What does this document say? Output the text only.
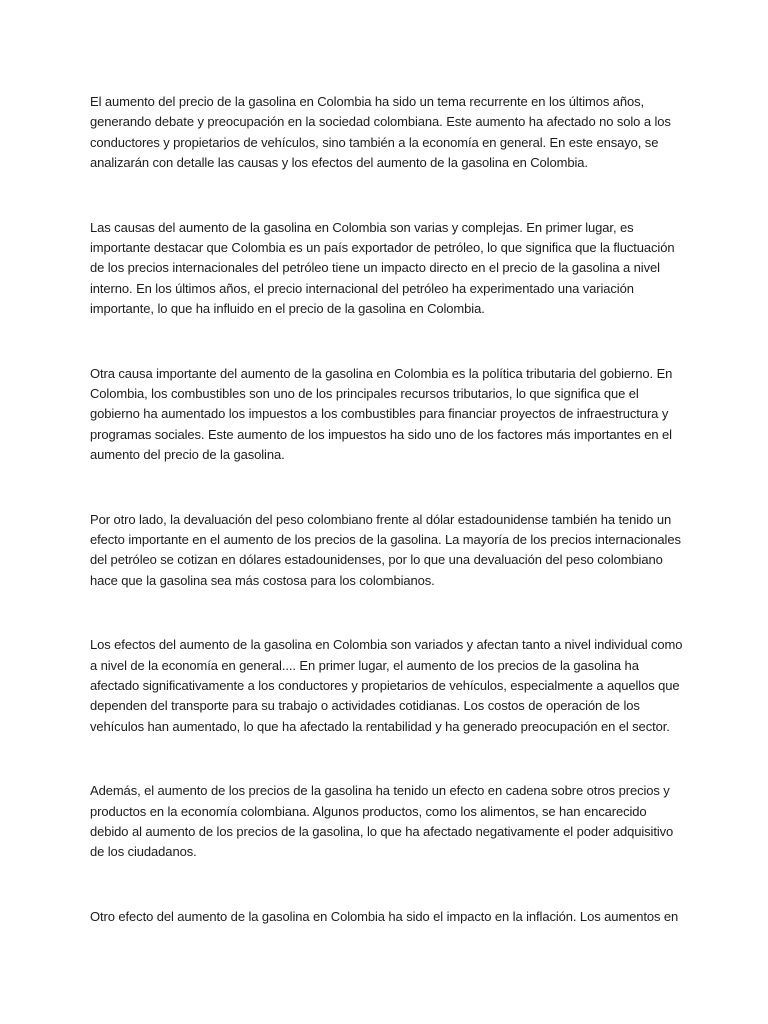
El aumento del precio de la gasolina en Colombia ha sido un tema recurrente en los últimos años, generando debate y preocupación en la sociedad colombiana. Este aumento ha afectado no solo a los conductores y propietarios de vehículos, sino también a la economía en general. En este ensayo, se analizarán con detalle las causas y los efectos del aumento de la gasolina en Colombia.

Las causas del aumento de la gasolina en Colombia son varias y complejas. En primer lugar, es importante destacar que Colombia es un país exportador de petróleo, lo que significa que la fluctuación de los precios internacionales del petróleo tiene un impacto directo en el precio de la gasolina a nivel interno. En los últimos años, el precio internacional del petróleo ha experimentado una variación importante, lo que ha influido en el precio de la gasolina en Colombia.

Otra causa importante del aumento de la gasolina en Colombia es la política tributaria del gobierno. En Colombia, los combustibles son uno de los principales recursos tributarios, lo que significa que el gobierno ha aumentado los impuestos a los combustibles para financiar proyectos de infraestructura y programas sociales. Este aumento de los impuestos ha sido uno de los factores más importantes en el aumento del precio de la gasolina.

Por otro lado, la devaluación del peso colombiano frente al dólar estadounidense también ha tenido un efecto importante en el aumento de los precios de la gasolina. La mayoría de los precios internacionales del petróleo se cotizan en dólares estadounidenses, por lo que una devaluación del peso colombiano hace que la gasolina sea más costosa para los colombianos.

Los efectos del aumento de la gasolina en Colombia son variados y afectan tanto a nivel individual como a nivel de la economía en general.... En primer lugar, el aumento de los precios de la gasolina ha afectado significativamente a los conductores y propietarios de vehículos, especialmente a aquellos que dependen del transporte para su trabajo o actividades cotidianas. Los costos de operación de los vehículos han aumentado, lo que ha afectado la rentabilidad y ha generado preocupación en el sector.

Además, el aumento de los precios de la gasolina ha tenido un efecto en cadena sobre otros precios y productos en la economía colombiana. Algunos productos, como los alimentos, se han encarecido debido al aumento de los precios de la gasolina, lo que ha afectado negativamente el poder adquisitivo de los ciudadanos.

Otro efecto del aumento de la gasolina en Colombia ha sido el impacto en la inflación. Los aumentos en
